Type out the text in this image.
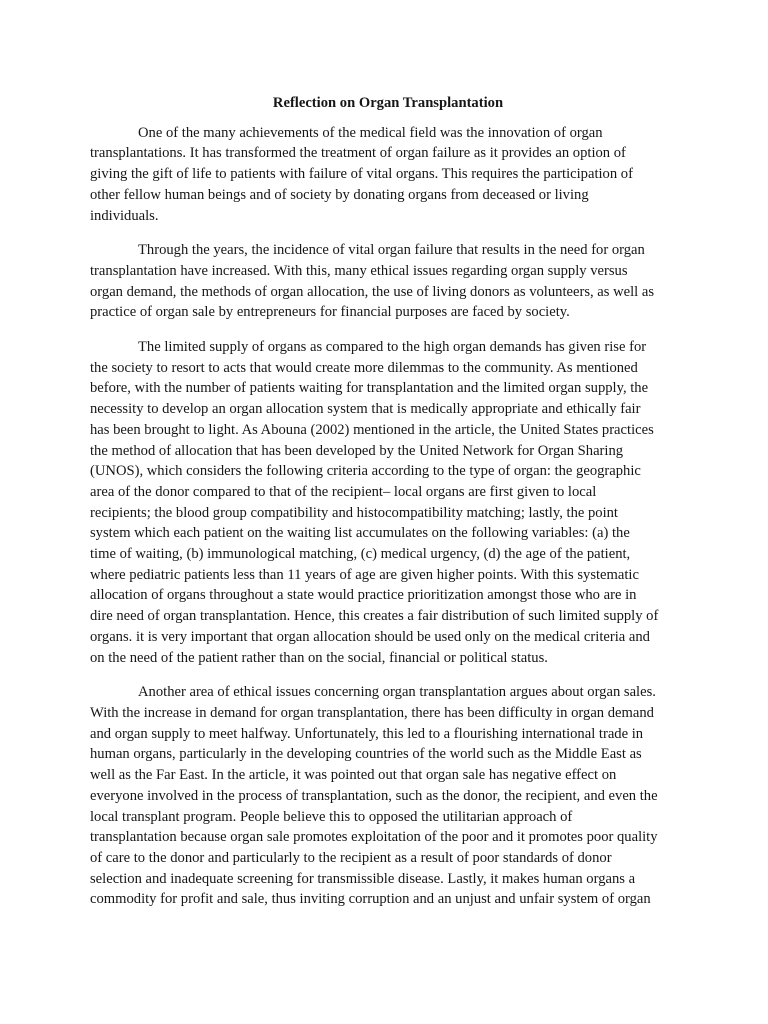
Reflection on Organ Transplantation
One of the many achievements of the medical field was the innovation of organ
transplantations. It has transformed the treatment of organ failure as it provides an option of
giving the gift of life to patients with failure of vital organs. This requires the participation of
other fellow human beings and of society by donating organs from deceased or living
individuals.
Through the years, the incidence of vital organ failure that results in the need for organ
transplantation have increased. With this, many ethical issues regarding organ supply versus
organ demand, the methods of organ allocation, the use of living donors as volunteers, as well as
practice of organ sale by entrepreneurs for financial purposes are faced by society.
The limited supply of organs as compared to the high organ demands has given rise for
the society to resort to acts that would create more dilemmas to the community. As mentioned
before, with the number of patients waiting for transplantation and the limited organ supply, the
necessity to develop an organ allocation system that is medically appropriate and ethically fair
has been brought to light. As Abouna (2002) mentioned in the article, the United States practices
the method of allocation that has been developed by the United Network for Organ Sharing
(UNOS), which considers the following criteria according to the type of organ: the geographic
area of the donor compared to that of the recipient– local organs are first given to local
recipients; the blood group compatibility and histocompatibility matching; lastly, the point
system which each patient on the waiting list accumulates on the following variables: (a) the
time of waiting, (b) immunological matching, (c) medical urgency, (d) the age of the patient,
where pediatric patients less than 11 years of age are given higher points. With this systematic
allocation of organs throughout a state would practice prioritization amongst those who are in
dire need of organ transplantation. Hence, this creates a fair distribution of such limited supply of
organs. it is very important that organ allocation should be used only on the medical criteria and
on the need of the patient rather than on the social, financial or political status.
Another area of ethical issues concerning organ transplantation argues about organ sales.
With the increase in demand for organ transplantation, there has been difficulty in organ demand
and organ supply to meet halfway. Unfortunately, this led to a flourishing international trade in
human organs, particularly in the developing countries of the world such as the Middle East as
well as the Far East. In the article, it was pointed out that organ sale has negative effect on
everyone involved in the process of transplantation, such as the donor, the recipient, and even the
local transplant program. People believe this to opposed the utilitarian approach of
transplantation because organ sale promotes exploitation of the poor and it promotes poor quality
of care to the donor and particularly to the recipient as a result of poor standards of donor
selection and inadequate screening for transmissible disease. Lastly, it makes human organs a
commodity for profit and sale, thus inviting corruption and an unjust and unfair system of organ
